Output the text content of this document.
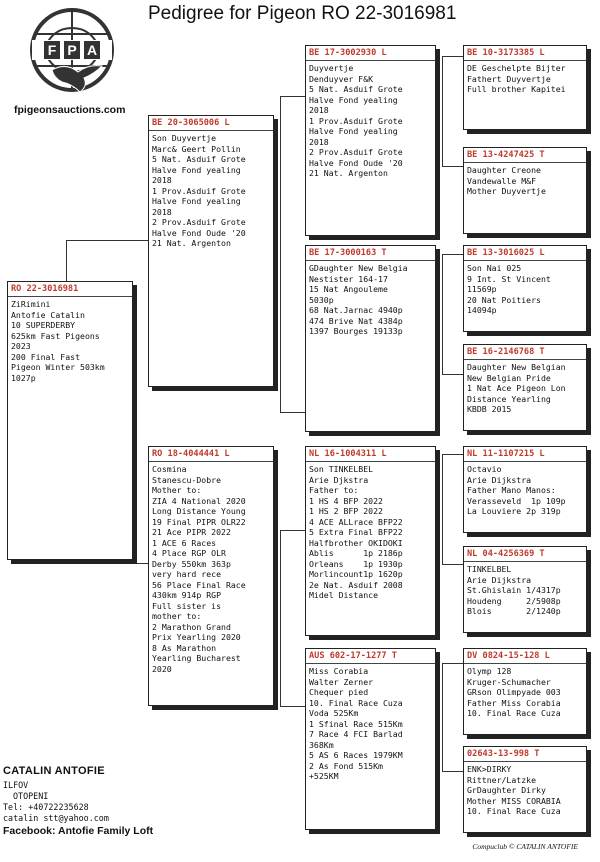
Pedigree for Pigeon RO 22-3016981
F P A
fpigeonsauctions.com
RO 22-3016981
ZiRimini
Antofie Catalin
10 SUPERDERBY
625km Fast Pigeons
2023
200 Final Fast
Pigeon Winter 503km
1027p
BE 20-3065006 L
Son Duyvertje
Marc& Geert Pollin
5 Nat. Asduif Grote
Halve Fond yealing
2018
1 Prov.Asduif Grote
Halve Fond yealing
2018
2 Prov.Asduif Grote
Halve Fond Oude '20
21 Nat. Argenton
RO 18-4044441 L
Cosmina
Stanescu-Dobre
Mother to:
ZIA 4 National 2020
Long Distance Young
19 Final PIPR OLR22
21 Ace PIPR 2022
1 ACE 6 Races
4 Place RGP OLR
Derby 550km 363p
very hard rece
56 Place Final Race
430km 914p RGP
Full sister is
mother to:
2 Marathon Grand
Prix Yearling 2020
8 As Marathon
Yearling Bucharest
2020
BE 17-3002930 L
Duyvertje
Denduyver F&K
5 Nat. Asduif Grote
Halve Fond yealing
2018
1 Prov.Asduif Grote
Halve Fond yealing
2018
2 Prov.Asduif Grote
Halve Fond Oude '20
21 Nat. Argenton
BE 17-3000163 T
GDaughter New Belgia
Nestister 164-17
15 Nat Angouleme
5030p
68 Nat.Jarnac 4940p
474 Brive Nat 4384p
1397 Bourges 19133p
NL 16-1004311 L
Son TINKELBEL
Arie Djkstra
Father to:
1 HS 4 BFP 2022
1 HS 2 BFP 2022
4 ACE ALLrace BFP22
5 Extra Final BFP22
Halfbrother OKIDOKI
Ablis      1p 2186p
Orleans    1p 1930p
Morlincount1p 1620p
2e Nat. Asduif 2008
Midel Distance
AUS 602-17-1277 T
Miss Corabia
Walter Zerner
Chequer pied
10. Final Race Cuza
Voda 525Km
1 Sfinal Race 515Km
7 Race 4 FCI Barlad
368Km
5 AS 6 Races 1979KM
2 As Fond 515Km
+525KM
BE 10-3173385 L
DE Geschelpte Bijter
Fathert Duyvertje
Full brother Kapitei
BE 13-4247425 T
Daughter Creone
Vandewalle M&F
Mother Duyvertje
BE 13-3016025 L
Son Nai 025
9 Int. St Vincent
11569p
20 Nat Poitiers
14094p
BE 16-2146768 T
Daughter New Belgian
New Belgian Pride
1 Nat Ace Pigeon Lon
Distance Yearling
KBDB 2015
NL 11-1107215 L
Octavio
Arie Dijkstra
Father Mano Manos:
Verasseveld  1p 109p
La Louviere 2p 319p
NL 04-4256369 T
TINKELBEL
Arie Dijkstra
St.Ghislain 1/4317p
Houdeng     2/5908p
Blois       2/1240p
DV 0824-15-128 L
Olymp 128
Kruger-Schumacher
GRson Olimpyade 003
Father Miss Corabia
10. Final Race Cuza
02643-13-998 T
ENK>DIRKY
Rittner/Latzke
GrDaughter Dirky
Mother MISS CORABIA
10. Final Race Cuza
CATALIN ANTOFIE
ILFOV
OTOPENI
Tel: +40722235628
catalin stt@yahoo.com
Facebook: Antofie Family Loft
Compuclub © CATALIN ANTOFIE
